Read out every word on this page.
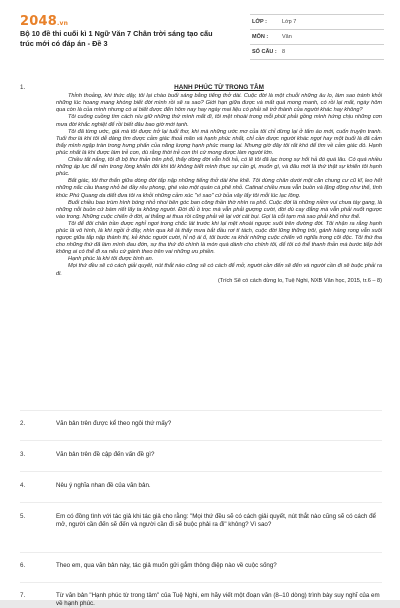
2048.vn
Bộ 10 đề thi cuối kì 1 Ngữ Văn 7 Chân trời sáng tạo cấu trúc mới có đáp án - Đề 3
LỚP :	Lớp 7
MÔN :	Văn
SỐ CÂU : 8
1.	HẠNH PHÚC TỪ TRONG TÂM

Thỉnh thoảng, khi thức dậy, tôi lại chào buổi sáng bằng tiếng thở dài. Cuộc đời là một chuỗi những âu lo, làm sao tránh khỏi những lúc hoang mang khóng biết đời mình rồi sẽ ra sao? Giới hạn giữa được và mất quá mong manh, có rồi lại mất, ngày hôm qua còn là của mình nhưng có ai biết được đến hôm nay hay ngày mai liệu có phải sẽ trở thành của người khác hay không?

Tôi cuống cuồng tìm cách níu giữ những thứ mình mất đi, tôi mệt nhoài trong mỗi phút phải gồng mình hứng chịu những cơn mưa đời khắc nghiệt để rồi biết đâu bao giờ mới tạnh.

Tôi đã từng ước, giá mà tôi được trở lại tuổi thơ, khi mà những ước mơ của tôi chỉ dừng lại ở tấm áo mới, cuốn truyện tranh. Tuổi thơ là khi tôi dễ dàng tìm được cảm giác thoả mãn và hạnh phúc nhất, chỉ cần được người khác ngợi hay một buổi là đã cảm thấy mình ngập tràn trong hưng phấn của năng lượng hạnh phúc mang lại. Nhưng giờ đây tôi rất khó để tìm về cảm giác đó. Hạnh phúc nhất là khi được làm trẻ con, dù rằng thời trẻ con thì cứ mong được làm người lớn.

Chiều tất nắng, tôi đi bộ thư thản trên phố, thấy dòng đời vẫn hối hả, có lẽ tôi đã lạc trong sự hối hả đó quá lâu. Có quá nhiều những áp lực để nén trong lòng khiến đôi khi tôi không biết mình thực sự cần gì, muốn gì, và đâu mới là thứ thật sự khiến tôi hạnh phúc.

Bất giác, tôi thơ thẩn giữa dòng đời tấp nập những tiếng thở dài khe khẽ. Tôi dừng chân dưới một căn chung cư cũ kĩ, leo hết những nấc cầu thang nhỏ bé đầy rêu phong, ghé vào một quán cà phê nhỏ. Catinat chiều mưa vẫn buồn và lặng động như thế, tình khúc Phú Quang da diết đưa tôi ra khỏi những cảm xúc "vì sao" cứ bủa vây lấy tôi mỗi lúc lạc lõng.

Buổi chiều bao trùm hình bóng nhỏ nhoi bên góc ban công thần thờ nhìn ra phố. Cuộc đời là những niềm vui chưa tày gang, là những nỗi buồn cứ bám riết lấy ta không người. Đời đủ ồ trọc mà vẫn phải gượng cười, đời dù cay đắng mà vẫn phải nuốt ngược vào trong. Những cuộc chiến ở đời, ai thắng ai thua rồi cũng phải về lại với cát bụi. Gọi là cỗi tạm mà sao phải khổ như thế.

Tôi để đôi chân trần được nghỉ ngơi trong chốc lát trước khi lại mệt nhoài ngược xuôi trên đường đời. Tôi nhận ra rằng hạnh phúc là vô hình, là khi ngồi ở đây, nhìn qua kẽ lá thấy mưa bắt đầu rơi tí tách, cuộc đời lững thững trôi, gánh hàng rong vẫn xuôi ngược giữa tấp nập thành thị, kẻ khóc người cười, hỉ nộ ái ố, tôi bước ra khỏi những cuộc chiến vô nghĩa trong cõi độc. Tôi thứ tha cho những thứ đã làm mình đau đớn, sự tha thứ đó chính là món quà dành cho chính tôi, để tôi có thể thanh thản mà bước tiếp bởi không ai có thể đi xa nếu cứ gánh theo trên vai những ưu phiền.

Hạnh phúc là khi tôi được bình an.

Mọi thứ đều sẽ có cách giải quyết, nút thắt nào cũng sẽ có cách để mở, người cần đến sẽ đến và người cần đi sẽ buộc phải ra đi.

(Trích Sẽ có cách đừng lo, Tuệ Nghi, NXB Văn học, 2015, tr.6 – 8)

2.	Văn bản trên được kể theo ngôi thứ mấy?
3.	Văn bản trên đề cập đến vấn đề gì?
4.	Nêu ý nghĩa nhan đề của văn bản.
5.	Em có đồng tình với tác giả khi tác giả cho rằng: "Mọi thứ đều sẽ có cách giải quyết, nút thắt nào cũng sẽ có cách để mở, người cần đến sẽ đến và người cần đi sẽ buộc phải ra đi" không? Vì sao?
6.	Theo em, qua văn bản này, tác giả muốn gửi gắm thông điệp nào về cuộc sống?
7.	Từ văn bản "Hạnh phúc từ trong tâm" của Tuệ Nghi, em hãy viết một đoạn văn (8–10 dòng) trình bày suy nghĩ của em về hạnh phúc.
